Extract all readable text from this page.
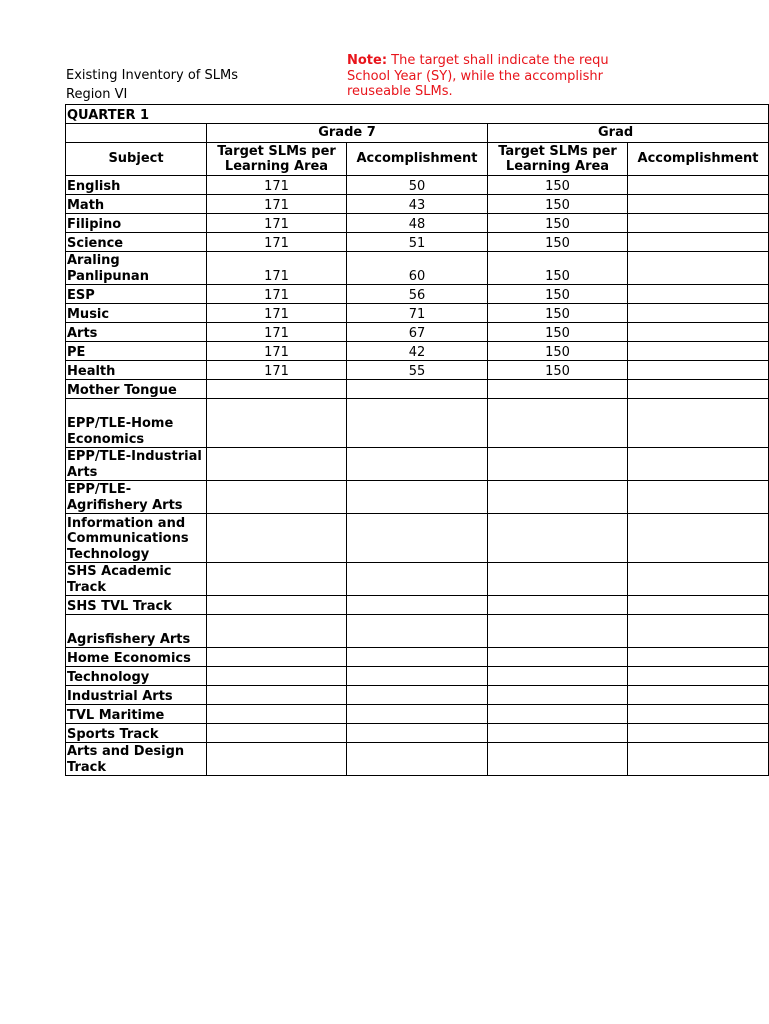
Existing Inventory of SLMs
Region VI
Note: The target shall indicate the requ
School Year (SY), while the accomplishr
reuseable SLMs.
QUARTER 1				
	Grade 7		Grad	
Subject	Target SLMs per Learning Area	Accomplishment	Target SLMs per Learning Area	Accomplishment
English	171	50	150	
Math	171	43	150	
Filipino	171	48	150	
Science	171	51	150	
Araling Panlipunan	171	60	150	
ESP	171	56	150	
Music	171	71	150	
Arts	171	67	150	
PE	171	42	150	
Health	171	55	150	
Mother Tongue				
EPP/TLE-Home Economics				
EPP/TLE-Industrial Arts				
EPP/TLE-Agrifishery Arts				
Information and Communications Technology				
SHS Academic Track				
SHS TVL Track				
Agrisfishery Arts				
Home Economics				
Technology				
Industrial Arts				
TVL Maritime				
Sports Track				
Arts and Design Track				
